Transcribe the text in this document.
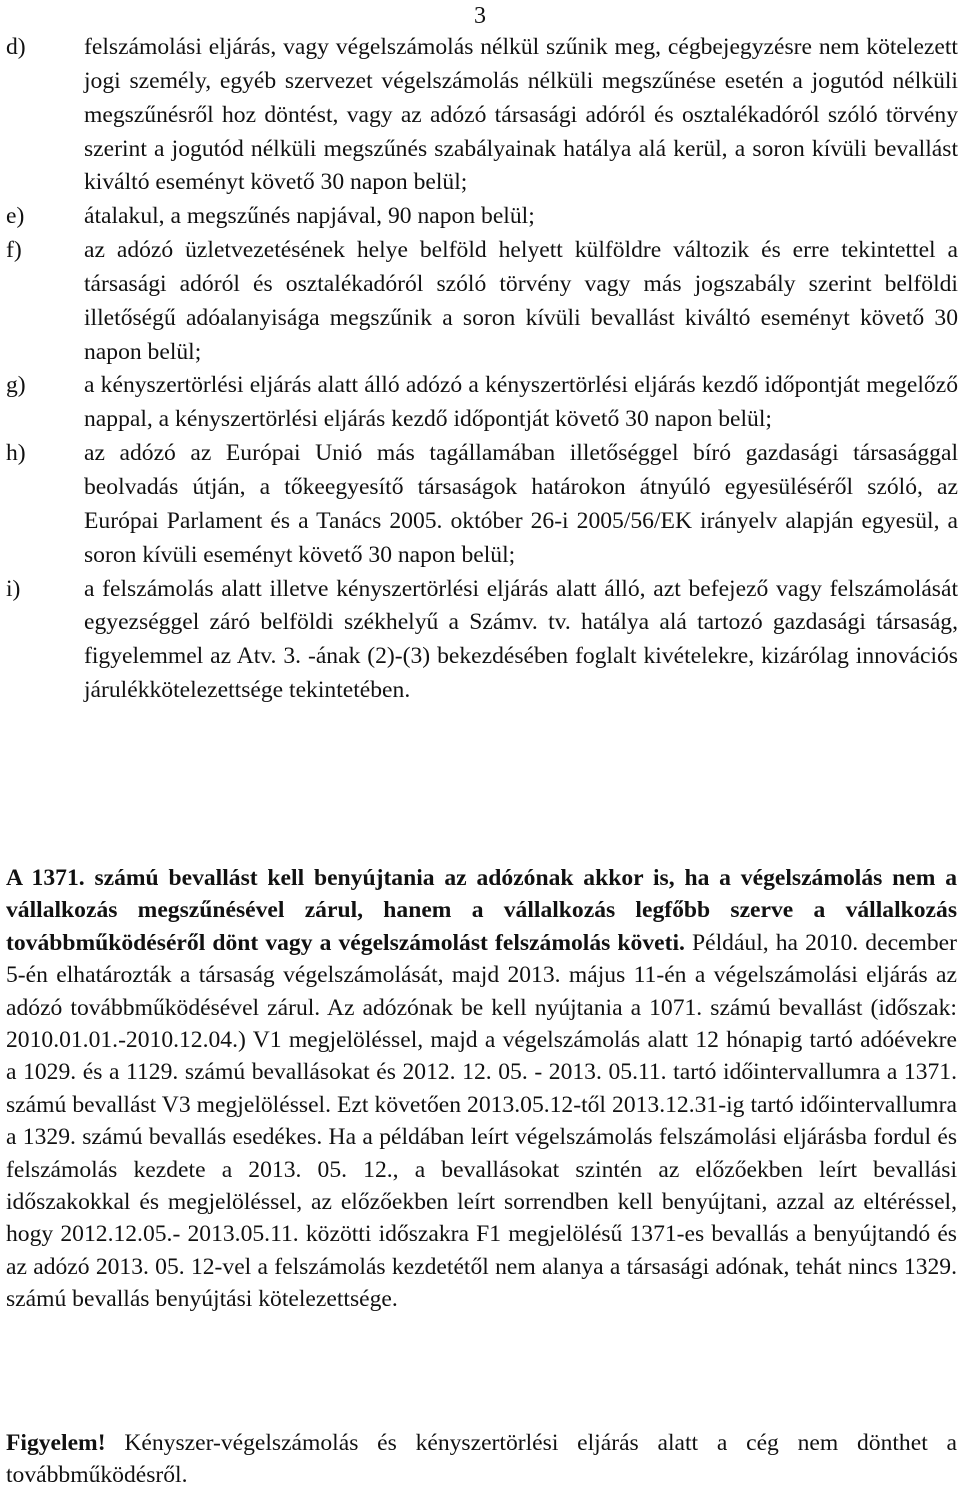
3
d)	felszámolási eljárás, vagy végelszámolás nélkül szűnik meg, cégbejegyzésre nem kötelezett jogi személy, egyéb szervezet végelszámolás nélküli megszűnése esetén a jogutód nélküli megszűnésről hoz döntést, vagy az adózó társasági adóról és osztalékadóról szóló törvény szerint a jogutód nélküli megszűnés szabályainak hatálya alá kerül, a soron kívüli bevallást kiváltó eseményt követő 30 napon belül;
e)	átalakul, a megszűnés napjával, 90 napon belül;
f)	az adózó üzletvezetésének helye belföld helyett külföldre változik és erre tekintettel a társasági adóról és osztalékadóról szóló törvény vagy más jogszabály szerint belföldi illetőségű adóalanyisága megszűnik a soron kívüli bevallást kiváltó eseményt követő 30 napon belül;
g)	a kényszertörlési eljárás alatt álló adózó a kényszertörlési eljárás kezdő időpontját megelőző nappal, a kényszertörlési eljárás kezdő időpontját követő 30 napon belül;
h)	az adózó az Európai Unió más tagállamában illetőséggel bíró gazdasági társasággal beolvadás útján, a tőkeegyesítő társaságok határokon átnyúló egyesüléséről szóló, az Európai Parlament és a Tanács 2005. október 26-i 2005/56/EK irányelv alapján egyesül, a soron kívüli eseményt követő 30 napon belül;
i)	a felszámolás alatt illetve kényszertörlési eljárás alatt álló, azt befejező vagy felszámolását egyezséggel záró belföldi székhelyű a Számv. tv. hatálya alá tartozó gazdasági társaság, figyelemmel az Atv. 3. -ának (2)-(3) bekezdésében foglalt kivételekre, kizárólag innovációs járulékkötelezettsége tekintetében.

A 1371. számú bevallást kell benyújtania az adózónak akkor is, ha a végelszámolás nem a vállalkozás megszűnésével zárul, hanem a vállalkozás legfőbb szerve a vállalkozás továbbműködéséről dönt vagy a végelszámolást felszámolás követi. Például, ha 2010. december 5-én elhatározták a társaság végelszámolását, majd 2013. május 11-én a végelszámolási eljárás az adózó továbbműködésével zárul. Az adózónak be kell nyújtania a 1071. számú bevallást (időszak: 2010.01.01.-2010.12.04.) V1 megjelöléssel, majd a végelszámolás alatt 12 hónapig tartó adóévekre a 1029. és a 1129. számú bevallásokat és 2012. 12. 05. - 2013. 05.11. tartó időintervallumra a 1371. számú bevallást V3 megjelöléssel. Ezt követően 2013.05.12-től 2013.12.31-ig tartó időintervallumra a 1329. számú bevallás esedékes. Ha a példában leírt végelszámolás felszámolási eljárásba fordul és felszámolás kezdete a 2013. 05. 12., a bevallásokat szintén az előzőekben leírt bevallási időszakokkal és megjelöléssel, az előzőekben leírt sorrendben kell benyújtani, azzal az eltéréssel, hogy 2012.12.05.- 2013.05.11. közötti időszakra F1 megjelölésű 1371-es bevallás a benyújtandó és az adózó 2013. 05. 12-vel a felszámolás kezdetétől nem alanya a társasági adónak, tehát nincs 1329. számú bevallás benyújtási kötelezettsége.

Figyelem! Kényszer-végelszámolás és kényszertörlési eljárás alatt a cég nem dönthet a továbbműködésről.
